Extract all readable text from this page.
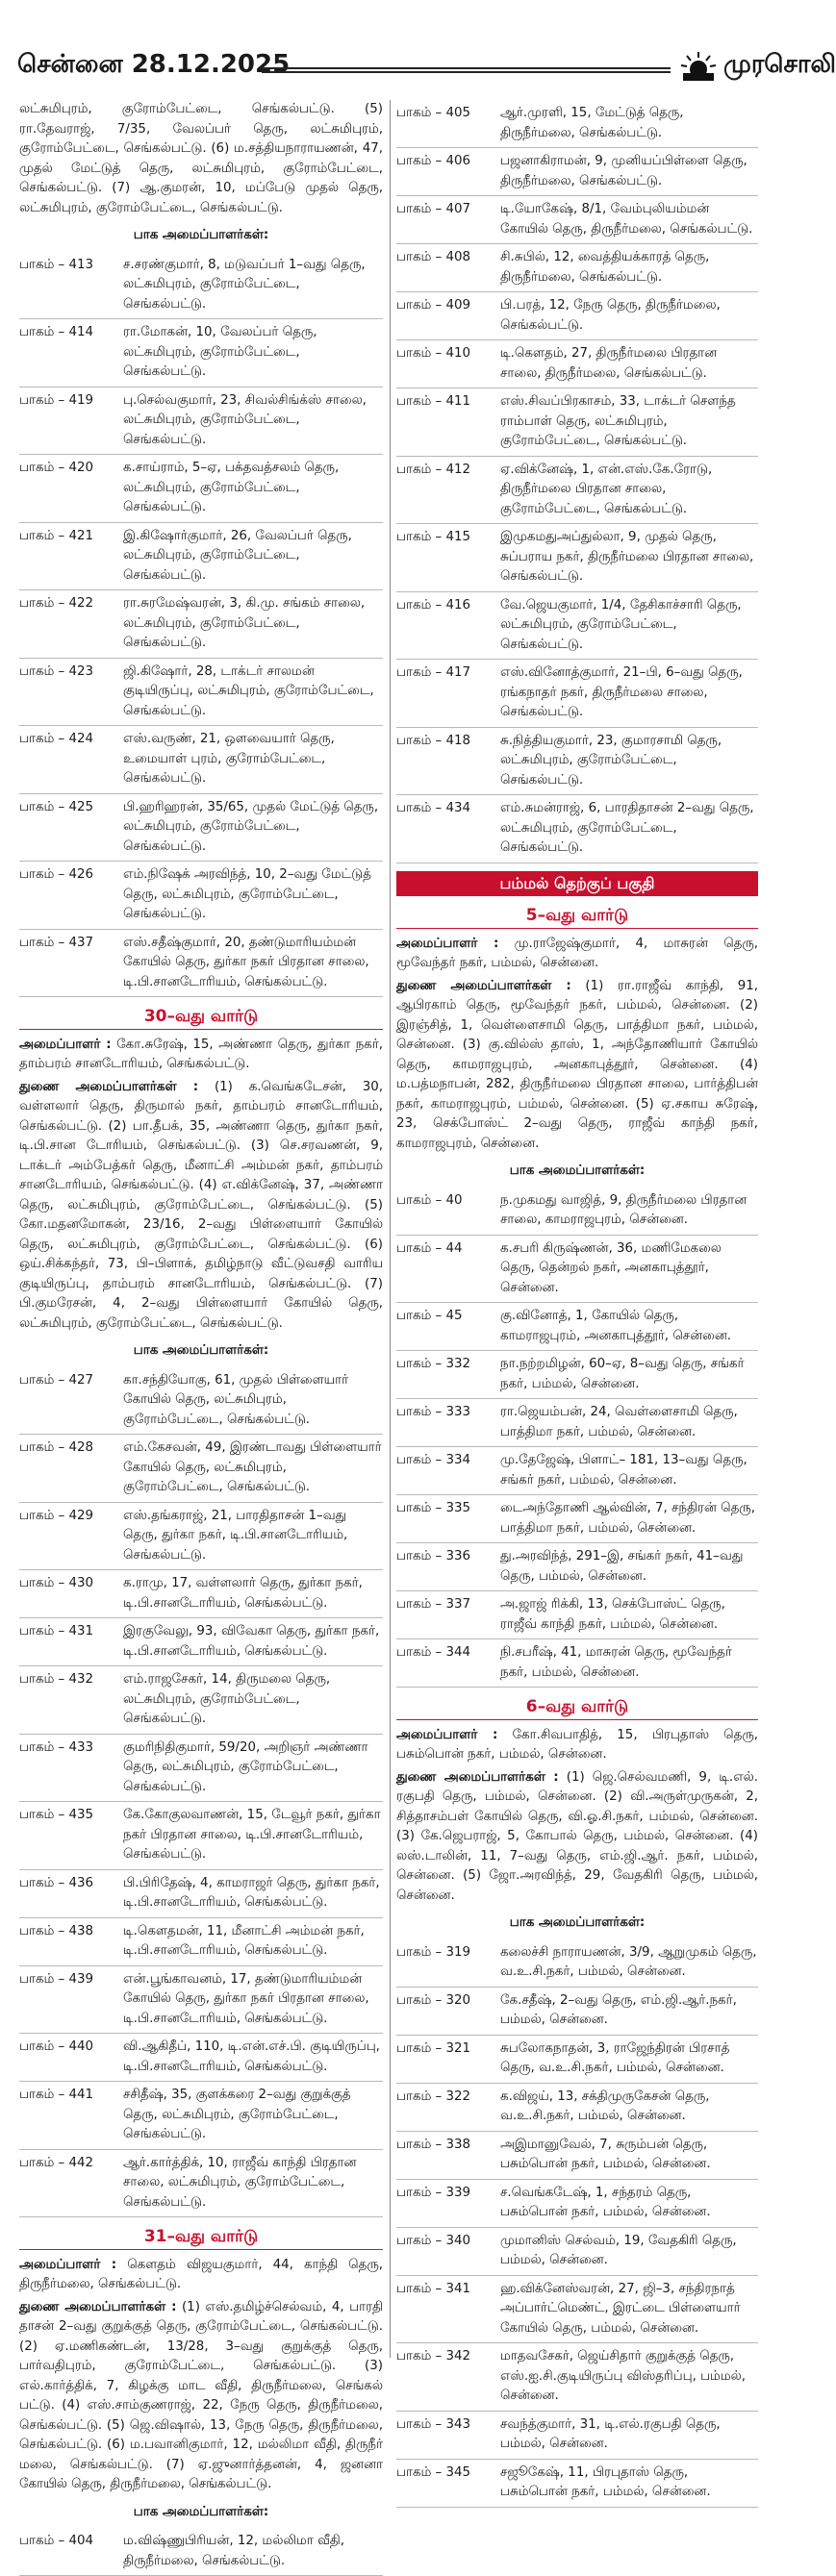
சென்னை 28.12.2025	முரசொலி

லட்சுமிபுரம், குரோம்பேட்டை, செங்கல்பட்டு. (5) ரா.தேவராஜ், 7/35, வேலப்பர் தெரு, லட்சுமிபுரம், குரோம்பேட்டை, செங்கல்பட்டு. (6) ம.சத்தியநாராயணன், 47, முதல் மேட்டுத் தெரு, லட்சுமிபுரம், குரோம்பேட்டை, செங்கல்பட்டு. (7) ஆ.குமரன், 10, மப்பேடு முதல் தெரு, லட்சுமிபுரம், குரோம்பேட்டை, செங்கல்பட்டு.

பாக அமைப்பாளர்கள்:
பாகம் – 413	ச.சரண்குமார், 8, மடுவப்பர் 1–வது தெரு, லட்சுமிபுரம், குரோம்பேட்டை, செங்கல்பட்டு.
பாகம் – 414	ரா.மோகன், 10, வேலப்பர் தெரு, லட்சுமிபுரம், குரோம்பேட்டை, செங்கல்பட்டு.
பாகம் – 419	பு.செல்வகுமார், 23, சிவல்சிங்க்ஸ் சாலை, லட்சுமிபுரம், குரோம்பேட்டை, செங்கல்பட்டு.
பாகம் – 420	க.சாய்ராம், 5–ஏ, பக்தவத்சலம் தெரு, லட்சுமிபுரம், குரோம்பேட்டை, செங்கல்பட்டு.
பாகம் – 421	இ.கிஷோர்குமார், 26, வேலப்பர் தெரு, லட்சுமிபுரம், குரோம்பேட்டை, செங்கல்பட்டு.
பாகம் – 422	ரா.சுரமேஷ்வரன், 3, கி.மு. சங்கம் சாலை, லட்சுமிபுரம், குரோம்பேட்டை, செங்கல்பட்டு.
பாகம் – 423	ஜி.கிஷோர், 28, டாக்டர் சாலமன் குடியிருப்பு, லட்சுமிபுரம், குரோம்பேட்டை, செங்கல்பட்டு.
பாகம் – 424	எஸ்.வருண், 21, ஒளவையார் தெரு, உமையாள் புரம், குரோம்பேட்டை, செங்கல்பட்டு.
பாகம் – 425	பி.ஹரிஹரன், 35/65, முதல் மேட்டுத் தெரு, லட்சுமிபுரம், குரோம்பேட்டை, செங்கல்பட்டு.
பாகம் – 426	எம்.நிஷேக் அரவிந்த், 10, 2–வது மேட்டுத் தெரு, லட்சுமிபுரம், குரோம்பேட்டை, செங்கல்பட்டு.
பாகம் – 437	எஸ்.சதீஷ்குமார், 20, தண்டுமாரியம்மன் கோயில் தெரு, துர்கா நகர் பிரதான சாலை, டி.பி.சானடோரியம், செங்கல்பட்டு.
30–வது வார்டு

அமைப்பாளர் : கோ.சுரேஷ், 15, அண்ணா தெரு, துர்கா நகர், தாம்பரம் சானடோரியம், செங்கல்பட்டு.

துணை அமைப்பாளர்கள் : (1) க.வெங்கடேசன், 30, வள்ளலார் தெரு, திருமால் நகர், தாம்பரம் சானடோரியம், செங்கல்பட்டு. (2) பா.தீபக், 35, அண்ணா தெரு, துர்கா நகர், டி.பி.சான டோரியம், செங்கல்பட்டு. (3) செ.சரவணன், 9, டாக்டர் அம்பேத்கர் தெரு, மீனாட்சி அம்மன் நகர், தாம்பரம் சானடோரியம், செங்கல்பட்டு. (4) எ.விக்னேஷ், 37, அண்ணா தெரு, லட்சுமிபுரம், குரோம்பேட்டை, செங்கல்பட்டு. (5) கோ.மதனமோகன், 23/16, 2–வது பிள்ளையார் கோயில் தெரு, லட்சுமிபுரம், குரோம்பேட்டை, செங்கல்பட்டு. (6) ஒய்.சிக்கந்தர், 73, பி–பிளாக், தமிழ்நாடு வீட்டுவசதி வாரிய குடியிருப்பு, தாம்பரம் சானடோரியம், செங்கல்பட்டு. (7) பி.குமரேசன், 4, 2–வது பிள்ளையார் கோயில் தெரு, லட்சுமிபுரம், குரோம்பேட்டை, செங்கல்பட்டு.

பாக அமைப்பாளர்கள்:
பாகம் – 427	கா.சந்தியோகு, 61, முதல் பிள்ளையார் கோயில் தெரு, லட்சுமிபுரம், குரோம்பேட்டை, செங்கல்பட்டு.
பாகம் – 428	எம்.கேசவன், 49, இரண்டாவது பிள்ளையார் கோயில் தெரு, லட்சுமிபுரம், குரோம்பேட்டை, செங்கல்பட்டு.
பாகம் – 429	எஸ்.தங்கராஜ், 21, பாரதிதாசன் 1–வது தெரு, துர்கா நகர், டி.பி.சானடோரியம், செங்கல்பட்டு.
பாகம் – 430	க.ராமு, 17, வள்ளலார் தெரு, துர்கா நகர், டி.பி.சானடோரியம், செங்கல்பட்டு.
பாகம் – 431	இரகுவேலு, 93, விவேகா தெரு, துர்கா நகர், டி.பி.சானடோரியம், செங்கல்பட்டு.
பாகம் – 432	எம்.ராஜசேகர், 14, திருமலை தெரு, லட்சுமிபுரம், குரோம்பேட்டை, செங்கல்பட்டு.
பாகம் – 433	குமரிநிதிகுமார், 59/20, அறிஞர் அண்ணா தெரு, லட்சுமிபுரம், குரோம்பேட்டை, செங்கல்பட்டு.
பாகம் – 435	கே.கோகுலவாணன், 15, டேவூர் நகர், துர்கா நகர் பிரதான சாலை, டி.பி.சானடோரியம், செங்கல்பட்டு.
பாகம் – 436	பி.பிரிதேஷ், 4, காமராஜர் தெரு, துர்கா நகர், டி.பி.சானடோரியம், செங்கல்பட்டு.
பாகம் – 438	டி.கௌதமன், 11, மீனாட்சி அம்மன் நகர், டி.பி.சானடோரியம், செங்கல்பட்டு.
பாகம் – 439	என்.பூங்காவனம், 17, தண்டுமாரியம்மன் கோயில் தெரு, துர்கா நகர் பிரதான சாலை, டி.பி.சானடோரியம், செங்கல்பட்டு.
பாகம் – 440	வி.ஆகிதீப், 110, டி.என்.எச்.பி. குடியிருப்பு, டி.பி.சானடோரியம், செங்கல்பட்டு.
பாகம் – 441	சசிதீஷ், 35, குளக்கரை 2–வது குறுக்குத் தெரு, லட்சுமிபுரம், குரோம்பேட்டை, செங்கல்பட்டு.
பாகம் – 442	ஆர்.கார்த்திக், 10, ராஜீவ் காந்தி பிரதான சாலை, லட்சுமிபுரம், குரோம்பேட்டை, செங்கல்பட்டு.
31–வது வார்டு

அமைப்பாளர் : கௌதம் விஜயகுமார், 44, காந்தி தெரு, திருநீர்மலை, செங்கல்பட்டு.

துணை அமைப்பாளர்கள் : (1) எஸ்.தமிழ்ச்செல்வம், 4, பாரதி தாசன் 2–வது குறுக்குத் தெரு, குரோம்பேட்டை, செங்கல்பட்டு. (2) ஏ.மணிகண்டன், 13/28, 3–வது குறுக்குத் தெரு, பார்வதிபுரம், குரோம்பேட்டை, செங்கல்பட்டு. (3) எல்.கார்த்திக், 7, கிழக்கு மாட வீதி, திருநீர்மலை, செங்கல் பட்டு. (4) எஸ்.சாம்குணராஜ், 22, நேரு தெரு, திருநீர்மலை, செங்கல்பட்டு. (5) ஜெ.விஷால், 13, நேரு தெரு, திருநீர்மலை, செங்கல்பட்டு. (6) ம.பவானிகுமார், 12, மல்லிமா வீதி, திருநீர் மலை, செங்கல்பட்டு. (7) ஏ.ஜுனார்த்தனன், 4, ஜனனா கோயில் தெரு, திருநீர்மலை, செங்கல்பட்டு.

பாக அமைப்பாளர்கள்:
பாகம் – 404	ம.விஷ்ணுபிரியன், 12, மல்லிமா வீதி, திருநீர்மலை, செங்கல்பட்டு.
பாகம் – 405	ஆர்.முரளி, 15, மேட்டுத் தெரு, திருநீர்மலை, செங்கல்பட்டு.
பாகம் – 406	பஜனாகிராமன், 9, முனியப்பிள்ளை தெரு, திருநீர்மலை, செங்கல்பட்டு.
பாகம் – 407	டி.யோகேஷ், 8/1, வேம்புலியம்மன் கோயில் தெரு, திருநீர்மலை, செங்கல்பட்டு.
பாகம் – 408	சி.சுபில், 12, வைத்தியக்காரத் தெரு, திருநீர்மலை, செங்கல்பட்டு.
பாகம் – 409	பி.பரத், 12, நேரு தெரு, திருநீர்மலை, செங்கல்பட்டு.
பாகம் – 410	டி.கௌதம், 27, திருநீர்மலை பிரதான சாலை, திருநீர்மலை, செங்கல்பட்டு.
பாகம் – 411	எஸ்.சிவப்பிரகாசம், 33, டாக்டர் சௌந்த ராம்பாள் தெரு, லட்சுமிபுரம், குரோம்பேட்டை, செங்கல்பட்டு.
பாகம் – 412	ஏ.விக்னேஷ், 1, என்.எஸ்.கே.ரோடு, திருநீர்மலை பிரதான சாலை, குரோம்பேட்டை, செங்கல்பட்டு.
பாகம் – 415	இமுகமதுஅப்துல்லா, 9, முதல் தெரு, சுப்பராய நகர், திருநீர்மலை பிரதான சாலை, செங்கல்பட்டு.
பாகம் – 416	வே.ஜெயகுமார், 1/4, தேசிகாச்சாரி தெரு, லட்சுமிபுரம், குரோம்பேட்டை, செங்கல்பட்டு.
பாகம் – 417	எஸ்.வினோத்குமார், 21–பி, 6–வது தெரு, ரங்கநாதர் நகர், திருநீர்மலை சாலை, செங்கல்பட்டு.
பாகம் – 418	சு.நித்தியகுமார், 23, குமாரசாமி தெரு, லட்சுமிபுரம், குரோம்பேட்டை, செங்கல்பட்டு.
பாகம் – 434	எம்.சுமன்ராஜ், 6, பாரதிதாசன் 2–வது தெரு, லட்சுமிபுரம், குரோம்பேட்டை, செங்கல்பட்டு.
பம்மல் தெற்குப் பகுதி
5–வது வார்டு

அமைப்பாளர் : மு.ராஜேஷ்குமார், 4, மாசுரன் தெரு, மூவேந்தர் நகர், பம்மல், சென்னை.

துணை அமைப்பாளர்கள் : (1) ரா.ராஜீவ் காந்தி, 91, ஆபிரகாம் தெரு, மூவேந்தர் நகர், பம்மல், சென்னை. (2) இரஞ்சித், 1, வெள்ளைசாமி தெரு, பாத்திமா நகர், பம்மல், சென்னை. (3) கு.வில்ஸ் தாஸ், 1, அந்தோணியார் கோயில் தெரு, காமராஜபுரம், அனகாபுத்தூர், சென்னை. (4) ம.பத்மநாபன், 282, திருநீர்மலை பிரதான சாலை, பார்த்திபன் நகர், காமராஜபுரம், பம்மல், சென்னை. (5) ஏ.சகாய சுரேஷ், 23, செக்போஸ்ட் 2–வது தெரு, ராஜீவ் காந்தி நகர், காமராஜபுரம், சென்னை.

பாக அமைப்பாளர்கள்:
பாகம் – 40	ந.முகமது வாஜித், 9, திருநீர்மலை பிரதான சாலை, காமராஜபுரம், சென்னை.
பாகம் – 44	க.சபரி கிருஷ்ணன், 36, மணிமேகலை தெரு, தென்றல் நகர், அனகாபுத்தூர், சென்னை.
பாகம் – 45	கு.வினோத், 1, கோயில் தெரு, காமராஜபுரம், அனகாபுத்தூர், சென்னை.
பாகம் – 332	நா.நற்றமிழன், 60–ஏ, 8–வது தெரு, சங்கர் நகர், பம்மல், சென்னை.
பாகம் – 333	ரா.ஜெயம்பன், 24, வெள்ளைசாமி தெரு, பாத்திமா நகர், பம்மல், சென்னை.
பாகம் – 334	மு.தேஜேஷ், பிளாட்– 181, 13–வது தெரு, சங்கர் நகர், பம்மல், சென்னை.
பாகம் – 335	டைஅந்தோணி ஆல்வின், 7, சந்திரன் தெரு, பாத்திமா நகர், பம்மல், சென்னை.
பாகம் – 336	து.அரவிந்த், 291–இ, சங்கர் நகர், 41–வது தெரு, பம்மல், சென்னை.
பாகம் – 337	அ.ஜாஜ் ரிக்கி, 13, செக்போஸ்ட் தெரு, ராஜீவ் காந்தி நகர், பம்மல், சென்னை.
பாகம் – 344	நி.சபரீஷ், 41, மாசுரன் தெரு, மூவேந்தர் நகர், பம்மல், சென்னை.
6–வது வார்டு

அமைப்பாளர் : கோ.சிவபாதித், 15, பிரபுதாஸ் தெரு, பசும்பொன் நகர், பம்மல், சென்னை.

துணை அமைப்பாளர்கள் : (1) ஜெ.செல்வமணி, 9, டி.எல். ரகுபதி தெரு, பம்மல், சென்னை. (2) வி.அருள்முருகன், 2, சித்தாசம்பள் கோயில் தெரு, வி.ஓ.சி.நகர், பம்மல், சென்னை. (3) கே.ஜெபராஜ், 5, கோபால் தெரு, பம்மல், சென்னை. (4) லஸ்.டாலின், 11, 7–வது தெரு, எம்.ஜி.ஆர். நகர், பம்மல், சென்னை. (5) ஜோ.அரவிந்த், 29, வேதகிரி தெரு, பம்மல், சென்னை.

பாக அமைப்பாளர்கள்:
பாகம் – 319	கலைச்சி நாராயணன், 3/9, ஆறுமுகம் தெரு, வ.உ.சி.நகர், பம்மல், சென்னை.
பாகம் – 320	கே.சதீஷ், 2–வது தெரு, எம்.ஜி.ஆர்.நகர், பம்மல், சென்னை.
பாகம் – 321	சுபலோகநாதன், 3, ராஜேந்திரன் பிரசாத் தெரு, வ.உ.சி.நகர், பம்மல், சென்னை.
பாகம் – 322	க.விஜய், 13, சக்திமுருகேசன் தெரு, வ.உ.சி.நகர், பம்மல், சென்னை.
பாகம் – 338	அஇமானுவேல், 7, சுரும்பன் தெரு, பசும்பொன் நகர், பம்மல், சென்னை.
பாகம் – 339	ச.வெங்கடேஷ், 1, சந்தரம் தெரு, பசும்பொன் நகர், பம்மல், சென்னை.
பாகம் – 340	முமானிஸ் செல்வம், 19, வேதகிரி தெரு, பம்மல், சென்னை.
பாகம் – 341	ஹ.விக்னேஸ்வரன், 27, ஜி–3, சந்திரநாத் அப்பார்ட்மெண்ட், இரட்டை பிள்ளையார் கோயில் தெரு, பம்மல், சென்னை.
பாகம் – 342	மாதவசேகர், ஜெய்சிதார் குறுக்குத் தெரு, எஸ்.ஐ.சி.குடியிருப்பு விஸ்தரிப்பு, பம்மல், சென்னை.
பாகம் – 343	சவந்த்குமார், 31, டி.எல்.ரகுபதி தெரு, பம்மல், சென்னை.
பாகம் – 345	சஜூகேஷ், 11, பிரபுதாஸ் தெரு, பசும்பொன் நகர், பம்மல், சென்னை.
